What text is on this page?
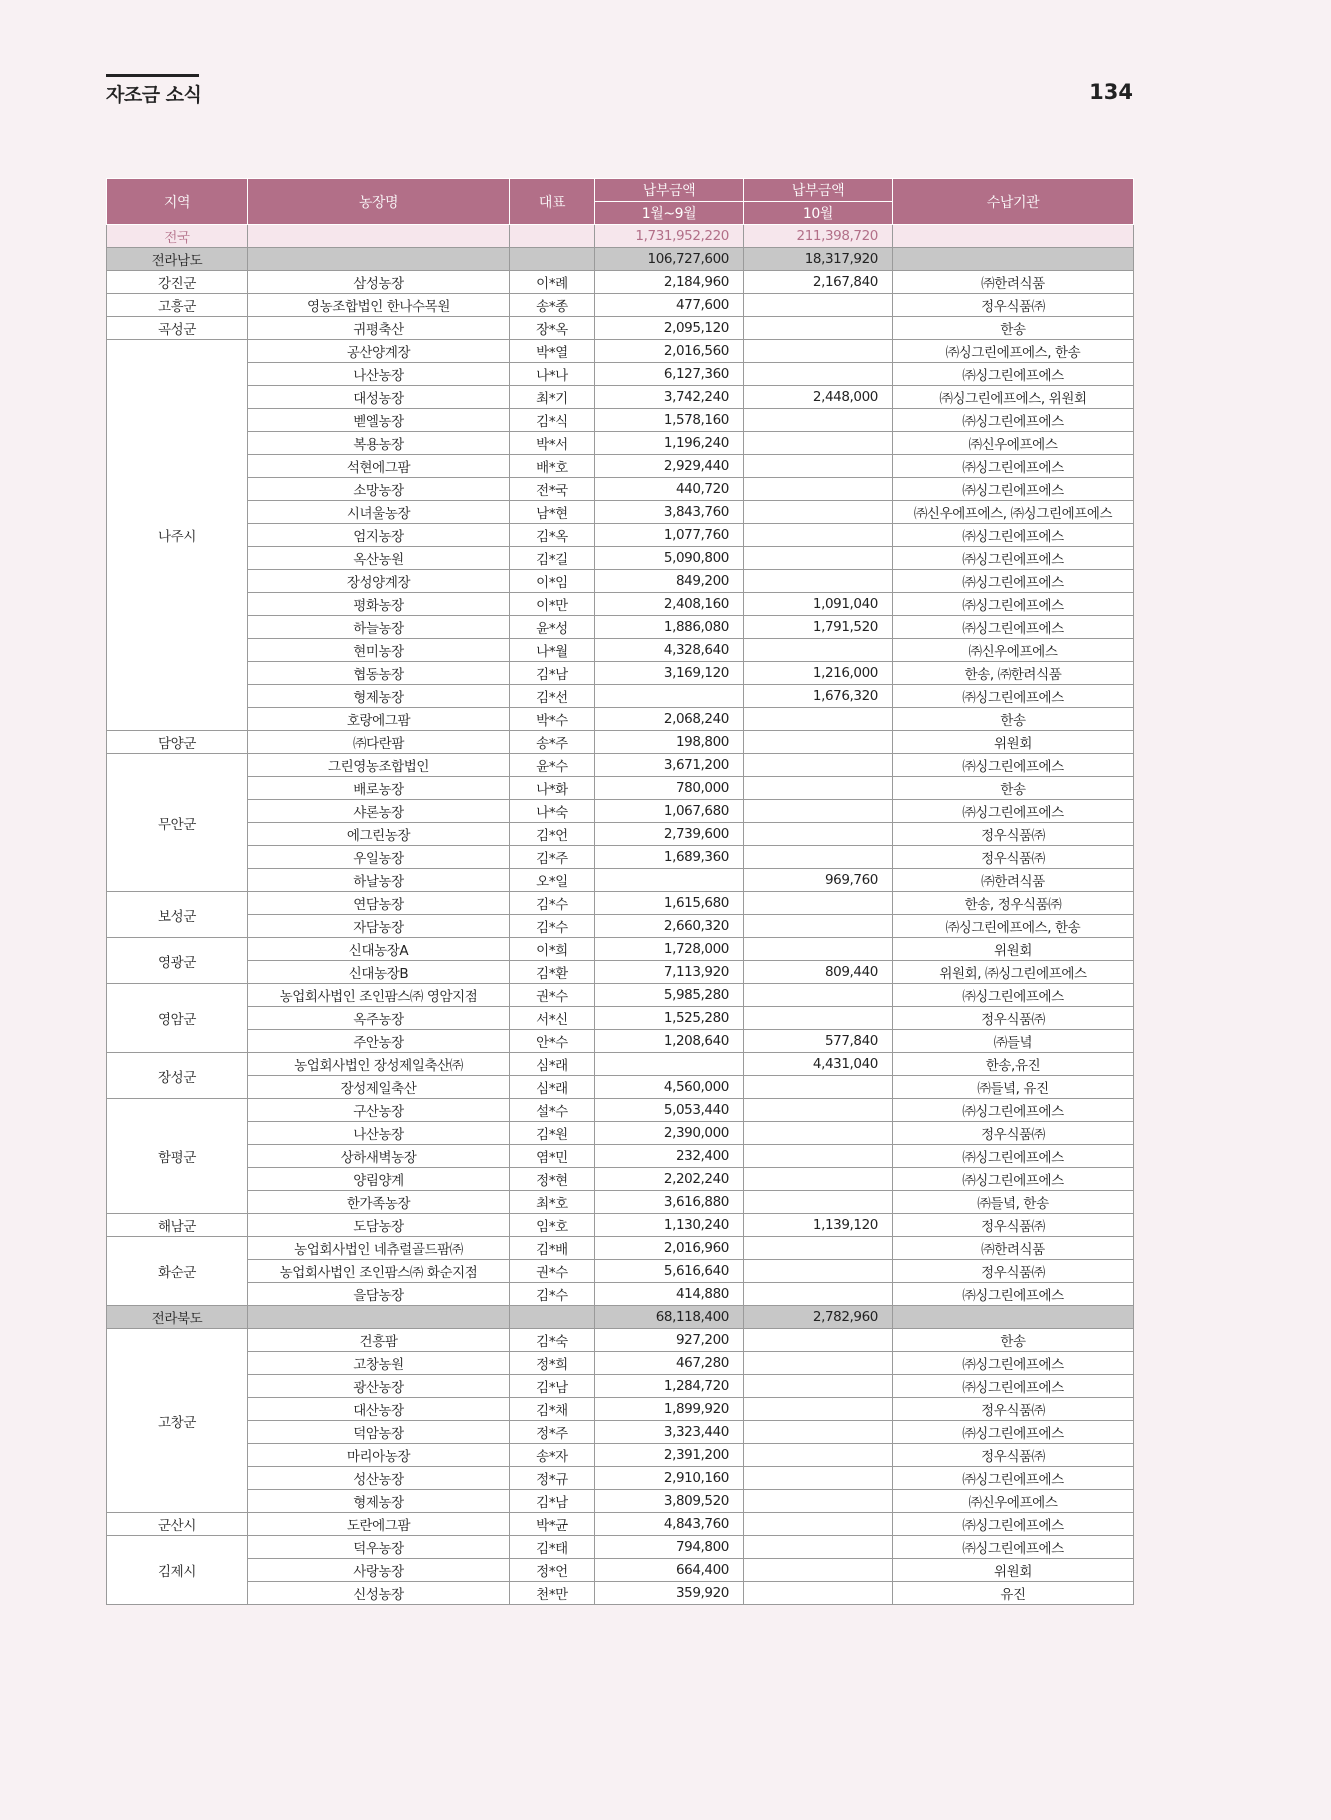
자조금 소식	134
지역	농장명	대표	납부금액	납부금액	수납기관
			1월~9월	10월	
전국			1,731,952,220	211,398,720	
전라남도			106,727,600	18,317,920	
강진군	삼성농장	이*례	2,184,960	2,167,840	㈜한려식품
고흥군	영농조합법인 한나수목원	송*종	477,600		정우식품㈜
곡성군	귀평축산	장*옥	2,095,120		한송
나주시	공산양계장	박*열	2,016,560		㈜싱그린에프에스, 한송
	나산농장	나*나	6,127,360		㈜싱그린에프에스
	대성농장	최*기	3,742,240	2,448,000	㈜싱그린에프에스, 위원회
	벧엘농장	김*식	1,578,160		㈜싱그린에프에스
	복용농장	박*서	1,196,240		㈜신우에프에스
	석현에그팜	배*호	2,929,440		㈜싱그린에프에스
	소망농장	전*국	440,720		㈜싱그린에프에스
	시녀울농장	남*현	3,843,760		㈜신우에프에스, ㈜싱그린에프에스
	엄지농장	김*옥	1,077,760		㈜싱그린에프에스
	옥산농원	김*길	5,090,800		㈜싱그린에프에스
	장성양계장	이*임	849,200		㈜싱그린에프에스
	평화농장	이*만	2,408,160	1,091,040	㈜싱그린에프에스
	하늘농장	윤*성	1,886,080	1,791,520	㈜싱그린에프에스
	현미농장	나*월	4,328,640		㈜신우에프에스
	협동농장	김*남	3,169,120	1,216,000	한송, ㈜한려식품
	형제농장	김*선		1,676,320	㈜싱그린에프에스
	호랑에그팜	박*수	2,068,240		한송
담양군	㈜다란팜	송*주	198,800		위원회
무안군	그린영농조합법인	윤*수	3,671,200		㈜싱그린에프에스
	배로농장	나*화	780,000		한송
	샤론농장	나*숙	1,067,680		㈜싱그린에프에스
	에그린농장	김*언	2,739,600		정우식품㈜
	우일농장	김*주	1,689,360		정우식품㈜
	하날농장	오*일		969,760	㈜한려식품
보성군	연담농장	김*수	1,615,680		한송, 정우식품㈜
	자담농장	김*수	2,660,320		㈜싱그린에프에스, 한송
영광군	신대농장A	이*희	1,728,000		위원회
	신대농장B	김*환	7,113,920	809,440	위원회, ㈜싱그린에프에스
영암군	농업회사법인 조인팜스㈜ 영암지점	권*수	5,985,280		㈜싱그린에프에스
	옥주농장	서*신	1,525,280		정우식품㈜
	주안농장	안*수	1,208,640	577,840	㈜들녘
장성군	농업회사법인 장성제일축산㈜	심*래		4,431,040	한송,유진
	장성제일축산	심*래	4,560,000		㈜들녘, 유진
함평군	구산농장	설*수	5,053,440		㈜싱그린에프에스
	나산농장	김*원	2,390,000		정우식품㈜
	상하새벽농장	염*민	232,400		㈜싱그린에프에스
	양림양계	정*현	2,202,240		㈜싱그린에프에스
	한가족농장	최*호	3,616,880		㈜들녘, 한송
해남군	도담농장	임*호	1,130,240	1,139,120	정우식품㈜
화순군	농업회사법인 네츄럴골드팜㈜	김*배	2,016,960		㈜한려식품
	농업회사법인 조인팜스㈜ 화순지점	권*수	5,616,640		정우식품㈜
	을담농장	김*수	414,880		㈜싱그린에프에스
전라북도			68,118,400	2,782,960	
고창군	건흥팜	김*숙	927,200		한송
	고창농원	정*희	467,280		㈜싱그린에프에스
	광산농장	김*남	1,284,720		㈜싱그린에프에스
	대산농장	김*채	1,899,920		정우식품㈜
	덕암농장	정*주	3,323,440		㈜싱그린에프에스
	마리아농장	송*자	2,391,200		정우식품㈜
	성산농장	정*규	2,910,160		㈜싱그린에프에스
	형제농장	김*남	3,809,520		㈜신우에프에스
군산시	도란에그팜	박*균	4,843,760		㈜싱그린에프에스
김제시	덕우농장	김*태	794,800		㈜싱그린에프에스
	사랑농장	정*언	664,400		위원회
	신성농장	천*만	359,920		유진
